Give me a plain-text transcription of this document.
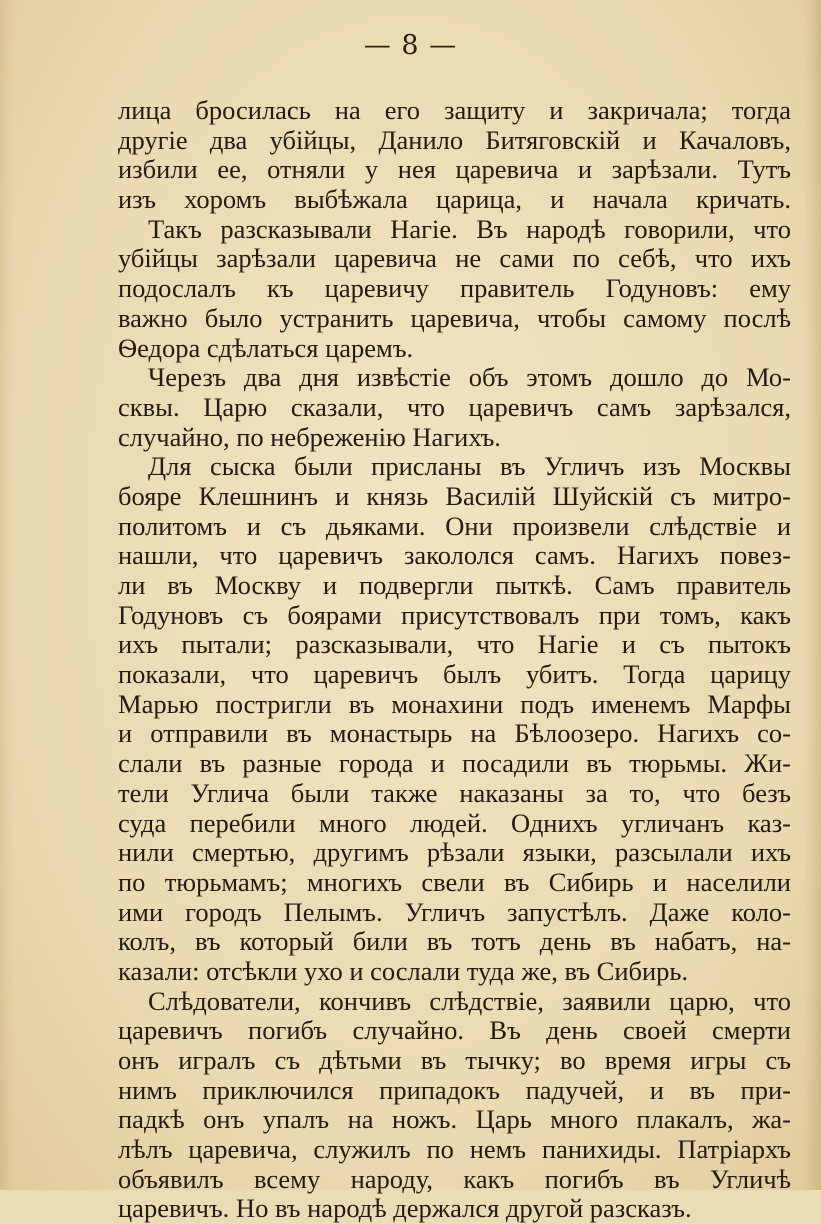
— 8 —
лица бросилась на его защиту и закричала; тогда
другіе два убійцы, Данило Битяговскій и Качаловъ,
избили ее, отняли у нея царевича и зарѣзали. Тутъ
изъ хоромъ выбѣжала царица, и начала кричать.
Такъ разсказывали Нагіе. Въ народѣ говорили, что
убійцы зарѣзали царевича не сами по себѣ, что ихъ
подослалъ къ царевичу правитель Годуновъ: ему
важно было устранить царевича, чтобы самому послѣ
Ѳедора сдѣлаться царемъ.
Черезъ два дня извѣстіе объ этомъ дошло до Мо-
сквы. Царю сказали, что царевичъ самъ зарѣзался,
случайно, по небреженію Нагихъ.
Для сыска были присланы въ Угличъ изъ Москвы
бояре Клешнинъ и князь Василій Шуйскій съ митро-
политомъ и съ дьяками. Они произвели слѣдствіе и
нашли, что царевичъ закололся самъ. Нагихъ повез-
ли въ Москву и подвергли пыткѣ. Самъ правитель
Годуновъ съ боярами присутствовалъ при томъ, какъ
ихъ пытали; разсказывали, что Нагіе и съ пытокъ
показали, что царевичъ былъ убитъ. Тогда царицу
Марью постригли въ монахини подъ именемъ Марфы
и отправили въ монастырь на Бѣлоозеро. Нагихъ со-
слали въ разные города и посадили въ тюрьмы. Жи-
тели Углича были также наказаны за то, что безъ
суда перебили много людей. Однихъ угличанъ каз-
нили смертью, другимъ рѣзали языки, разсылали ихъ
по тюрьмамъ; многихъ свели въ Сибирь и населили
ими городъ Пелымъ. Угличъ запустѣлъ. Даже коло-
колъ, въ который били въ тотъ день въ набатъ, на-
казали: отсѣкли ухо и сослали туда же, въ Сибирь.
Слѣдователи, кончивъ слѣдствіе, заявили царю, что
царевичъ погибъ случайно. Въ день своей смерти
онъ игралъ съ дѣтьми въ тычку; во время игры съ
нимъ приключился припадокъ падучей, и въ при-
падкѣ онъ упалъ на ножъ. Царь много плакалъ, жа-
лѣлъ царевича, служилъ по немъ панихиды. Патріархъ
объявилъ всему народу, какъ погибъ въ Угличѣ
царевичъ. Но въ народѣ держался другой разсказъ.
